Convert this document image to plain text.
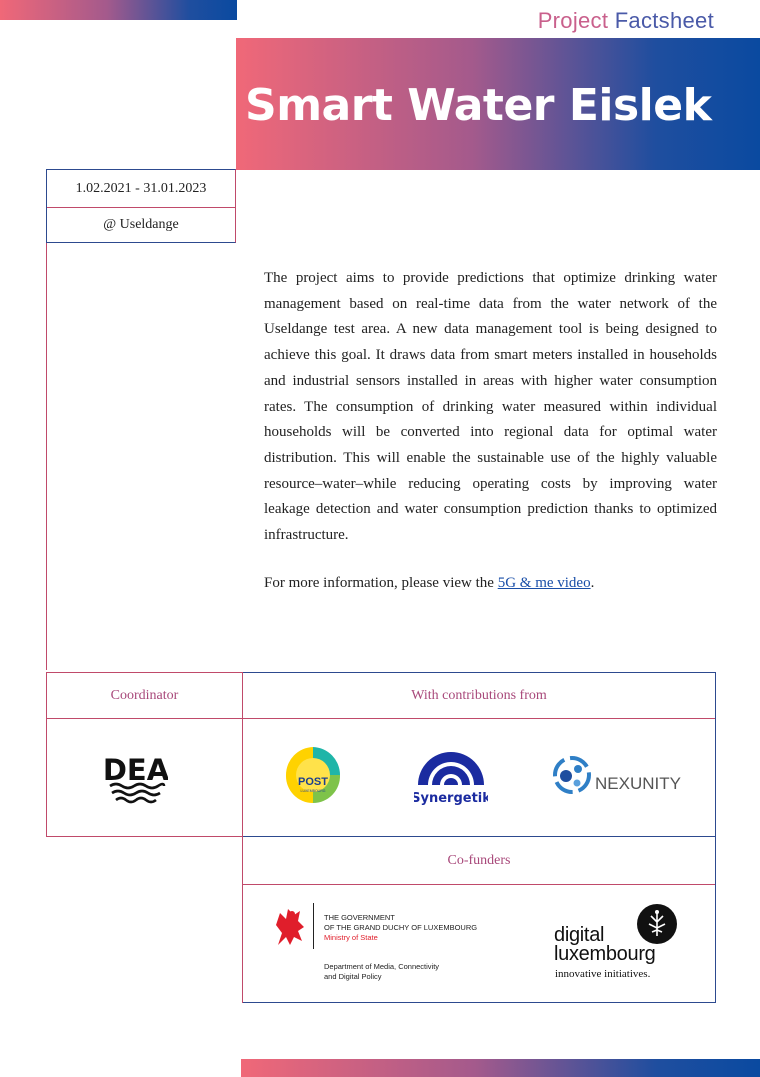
Project Factsheet
Smart Water Eislek
1.02.2021 - 31.01.2023
@ Useldange

The project aims to provide predictions that optimize drinking water management based on real-time data from the water network of the Useldange test area. A new data management tool is being designed to achieve this goal. It draws data from smart meters installed in households and industrial sensors installed in areas with higher water consumption rates. The consumption of drinking water measured within individual households will be converted into regional data for optimal water distribution. This will enable the sustainable use of the highly valuable resource–water–while reducing operating costs by improving water leakage detection and water consumption prediction thanks to optimized infrastructure.

For more information, please view the 5G & me video.

Coordinator	With contributions from
Co-funders
DEA	POST
LUXEMBOURG	Synergetik
NEXUNITY
THE GOVERNMENT
OF THE GRAND DUCHY OF LUXEMBOURG
Ministry of State
Department of Media, Connectivity
and Digital Policy
digital
luxembourg
innovative initiatives.
